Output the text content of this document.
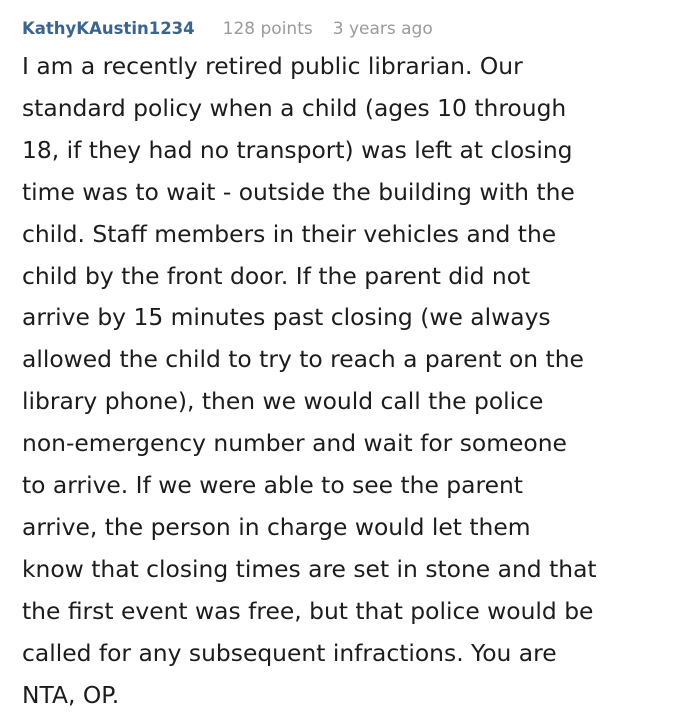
KathyKAustin1234 128 points 3 years ago

I am a recently retired public librarian. Our
standard policy when a child (ages 10 through
18, if they had no transport) was left at closing
time was to wait - outside the building with the
child. Staff members in their vehicles and the
child by the front door. If the parent did not
arrive by 15 minutes past closing (we always
allowed the child to try to reach a parent on the
library phone), then we would call the police
non-emergency number and wait for someone
to arrive. If we were able to see the parent
arrive, the person in charge would let them
know that closing times are set in stone and that
the first event was free, but that police would be
called for any subsequent infractions. You are
NTA, OP.
